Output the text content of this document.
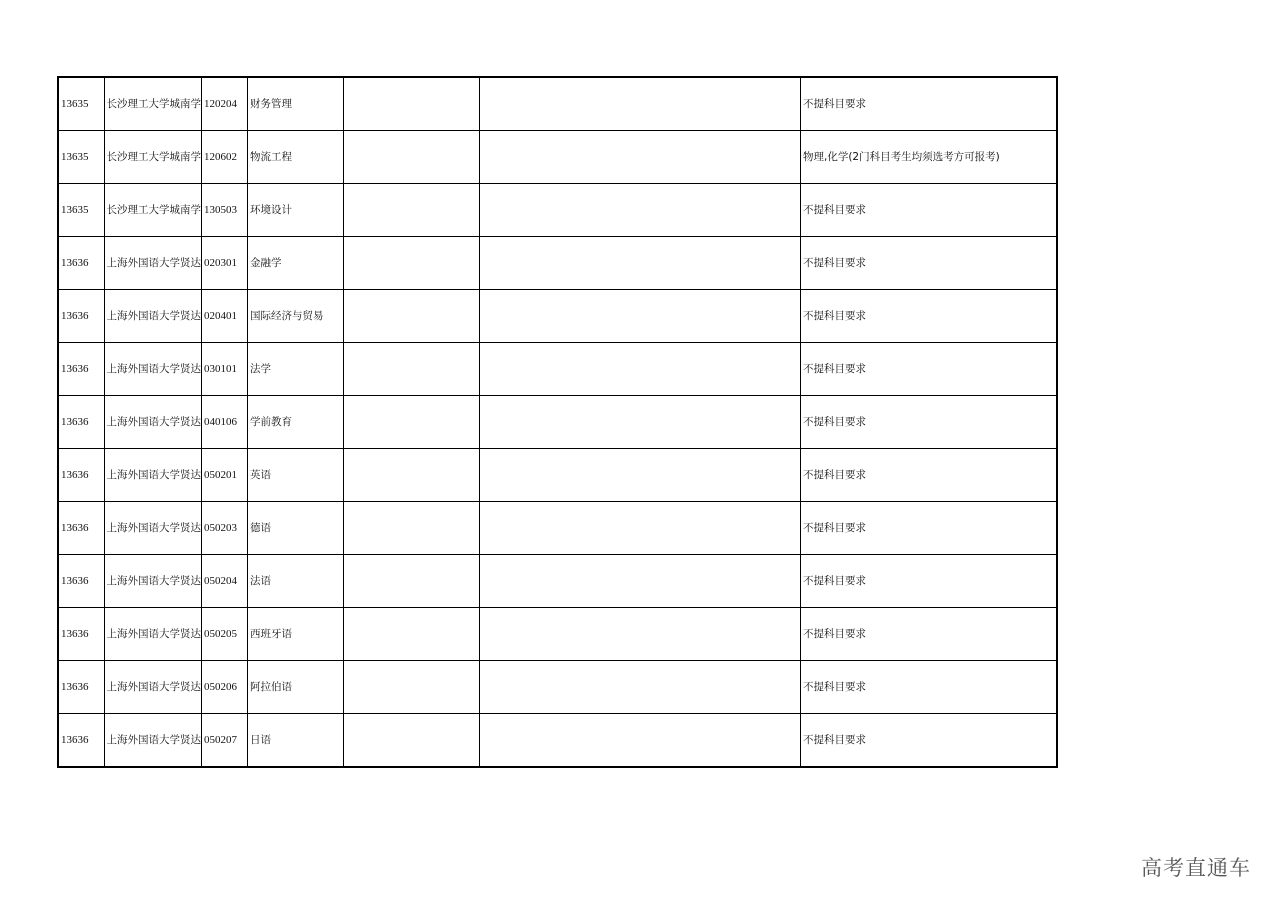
13635	长沙理工大学城南学	120204	财务管理			不提科目要求
13635	长沙理工大学城南学	120602	物流工程			物理,化学(2门科目考生均须选考方可报考)
13635	长沙理工大学城南学	130503	环境设计			不提科目要求
13636	上海外国语大学贤达	020301	金融学			不提科目要求
13636	上海外国语大学贤达	020401	国际经济与贸易			不提科目要求
13636	上海外国语大学贤达	030101	法学			不提科目要求
13636	上海外国语大学贤达	040106	学前教育			不提科目要求
13636	上海外国语大学贤达	050201	英语			不提科目要求
13636	上海外国语大学贤达	050203	德语			不提科目要求
13636	上海外国语大学贤达	050204	法语			不提科目要求
13636	上海外国语大学贤达	050205	西班牙语			不提科目要求
13636	上海外国语大学贤达	050206	阿拉伯语			不提科目要求
13636	上海外国语大学贤达	050207	日语			不提科目要求
高考直通车
